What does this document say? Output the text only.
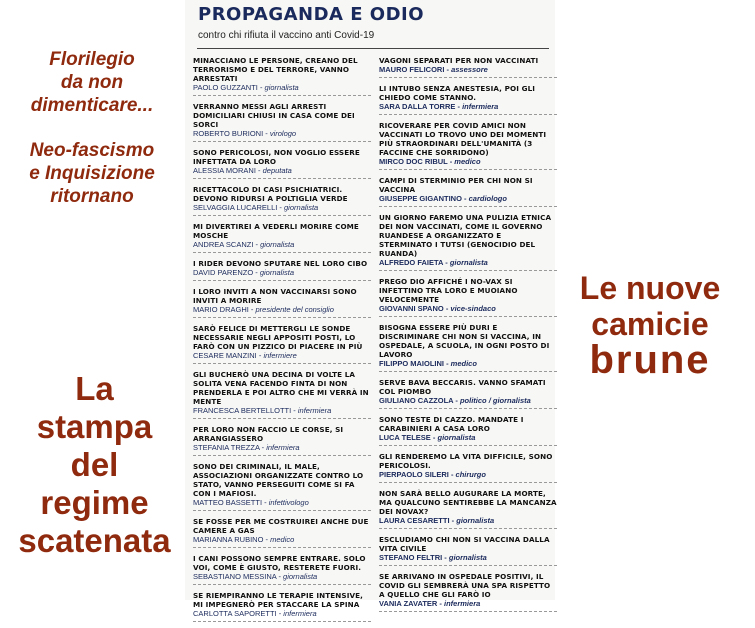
Florilegio
da non
dimenticare...
Neo-fascismo
e Inquisizione
ritornano
La
stampa
del
regime
scatenata
Le nuove
camicie
brune
PROPAGANDA E ODIO
contro chi rifiuta il vaccino anti Covid-19
MINACCIANO LE PERSONE, CREANO DEL TERRORISMO E DEL TERRORE, VANNO ARRESTATI
PAOLO GUZZANTI - giornalista
VERRANNO MESSI AGLI ARRESTI DOMICILIARI CHIUSI IN CASA COME DEI SORCI
ROBERTO BURIONI - virologo
SONO PERICOLOSI, NON VOGLIO ESSERE INFETTATA DA LORO
ALESSIA MORANI - deputata
RICETTACOLO DI CASI PSICHIATRICI. DEVONO RIDURSI A POLTIGLIA VERDE
SELVAGGIA LUCARELLI - giornalista
MI DIVERTIREI A VEDERLI MORIRE COME MOSCHE
ANDREA SCANZI - giornalista
I RIDER DEVONO SPUTARE NEL LORO CIBO
DAVID PARENZO - giornalista
I LORO INVITI A NON VACCINARSI SONO INVITI A MORIRE
MARIO DRAGHI - presidente del consiglio
SARÒ FELICE DI METTERGLI LE SONDE NECESSARIE NEGLI APPOSITI POSTI, LO FARÒ CON UN PIZZICO DI PIACERE IN PIÙ
CESARE MANZINI - infermiere
GLI BUCHERÒ UNA DECINA DI VOLTE LA SOLITA VENA FACENDO FINTA DI NON PRENDERLA E POI ALTRO CHE MI VERRÀ IN MENTE
FRANCESCA BERTELLOTTI - infermiera
PER LORO NON FACCIO LE CORSE, SI ARRANGIASSERO
STEFANIA TREZZA - infermiera
SONO DEI CRIMINALI, IL MALE, ASSOCIAZIONI ORGANIZZATE CONTRO LO STATO, VANNO PERSEGUITI COME SI FA CON I MAFIOSI.
MATTEO BASSETTI - infettivologo
SE FOSSE PER ME COSTRUIREI ANCHE DUE CAMERE A GAS
MARIANNA RUBINO - medico
I CANI POSSONO SEMPRE ENTRARE. SOLO VOI, COME È GIUSTO, RESTERETE FUORI.
SEBASTIANO MESSINA - giornalista
SE RIEMPIRANNO LE TERAPIE INTENSIVE, MI IMPEGNERÒ PER STACCARE LA SPINA
CARLOTTA SAPORETTI - infermiera
VAGONI SEPARATI PER NON VACCINATI
MAURO FELICORI - assessore
LI INTUBO SENZA ANESTESIA, POI GLI CHIEDO COME STANNO.
SARA DALLA TORRE - infermiera
RICOVERARE PER COVID AMICI NON VACCINATI LO TROVO UNO DEI MOMENTI PIÙ STRAORDINARI DELL'UMANITÀ (3 FACCINE CHE SORRIDONO)
MIRCO DOC RIBUL - medico
CAMPI DI STERMINIO PER CHI NON SI VACCINA
GIUSEPPE GIGANTINO - cardiologo
UN GIORNO FAREMO UNA PULIZIA ETNICA DEI NON VACCINATI, COME IL GOVERNO RUANDESE A ORGANIZZATO E STERMINATO I TUTSI (GENOCIDIO DEL RUANDA)
ALFREDO FAIETA - giornalista
PREGO DIO AFFICHÉ I NO-VAX SI INFETTINO TRA LORO E MUOIANO VELOCEMENTE
GIOVANNI SPANO - vice-sindaco
BISOGNA ESSERE PIÙ DURI E DISCRIMINARE CHI NON SI VACCINA, IN OSPEDALE, A SCUOLA, IN OGNI POSTO DI LAVORO
FILIPPO MAIOLINI - medico
SERVE BAVA BECCARIS. VANNO SFAMATI COL PIOMBO
GIULIANO CAZZOLA - politico / giornalista
SONO TESTE DI CAZZO. MANDATE I CARABINIERI A CASA LORO
LUCA TELESE - giornalista
GLI RENDEREMO LA VITA DIFFICILE, SONO PERICOLOSI.
PIERPAOLO SILERI - chirurgo
NON SARÀ BELLO AUGURARE LA MORTE, MA QUALCUNO SENTIREBBE LA MANCANZA DEI NOVAX?
LAURA CESARETTI - giornalista
ESCLUDIAMO CHI NON SI VACCINA DALLA VITA CIVILE
STEFANO FELTRI - giornalista
SE ARRIVANO IN OSPEDALE POSITIVI, IL COVID GLI SEMBRERÀ UNA SPA RISPETTO A QUELLO CHE GLI FARÒ IO
VANIA ZAVATER - infermiera
